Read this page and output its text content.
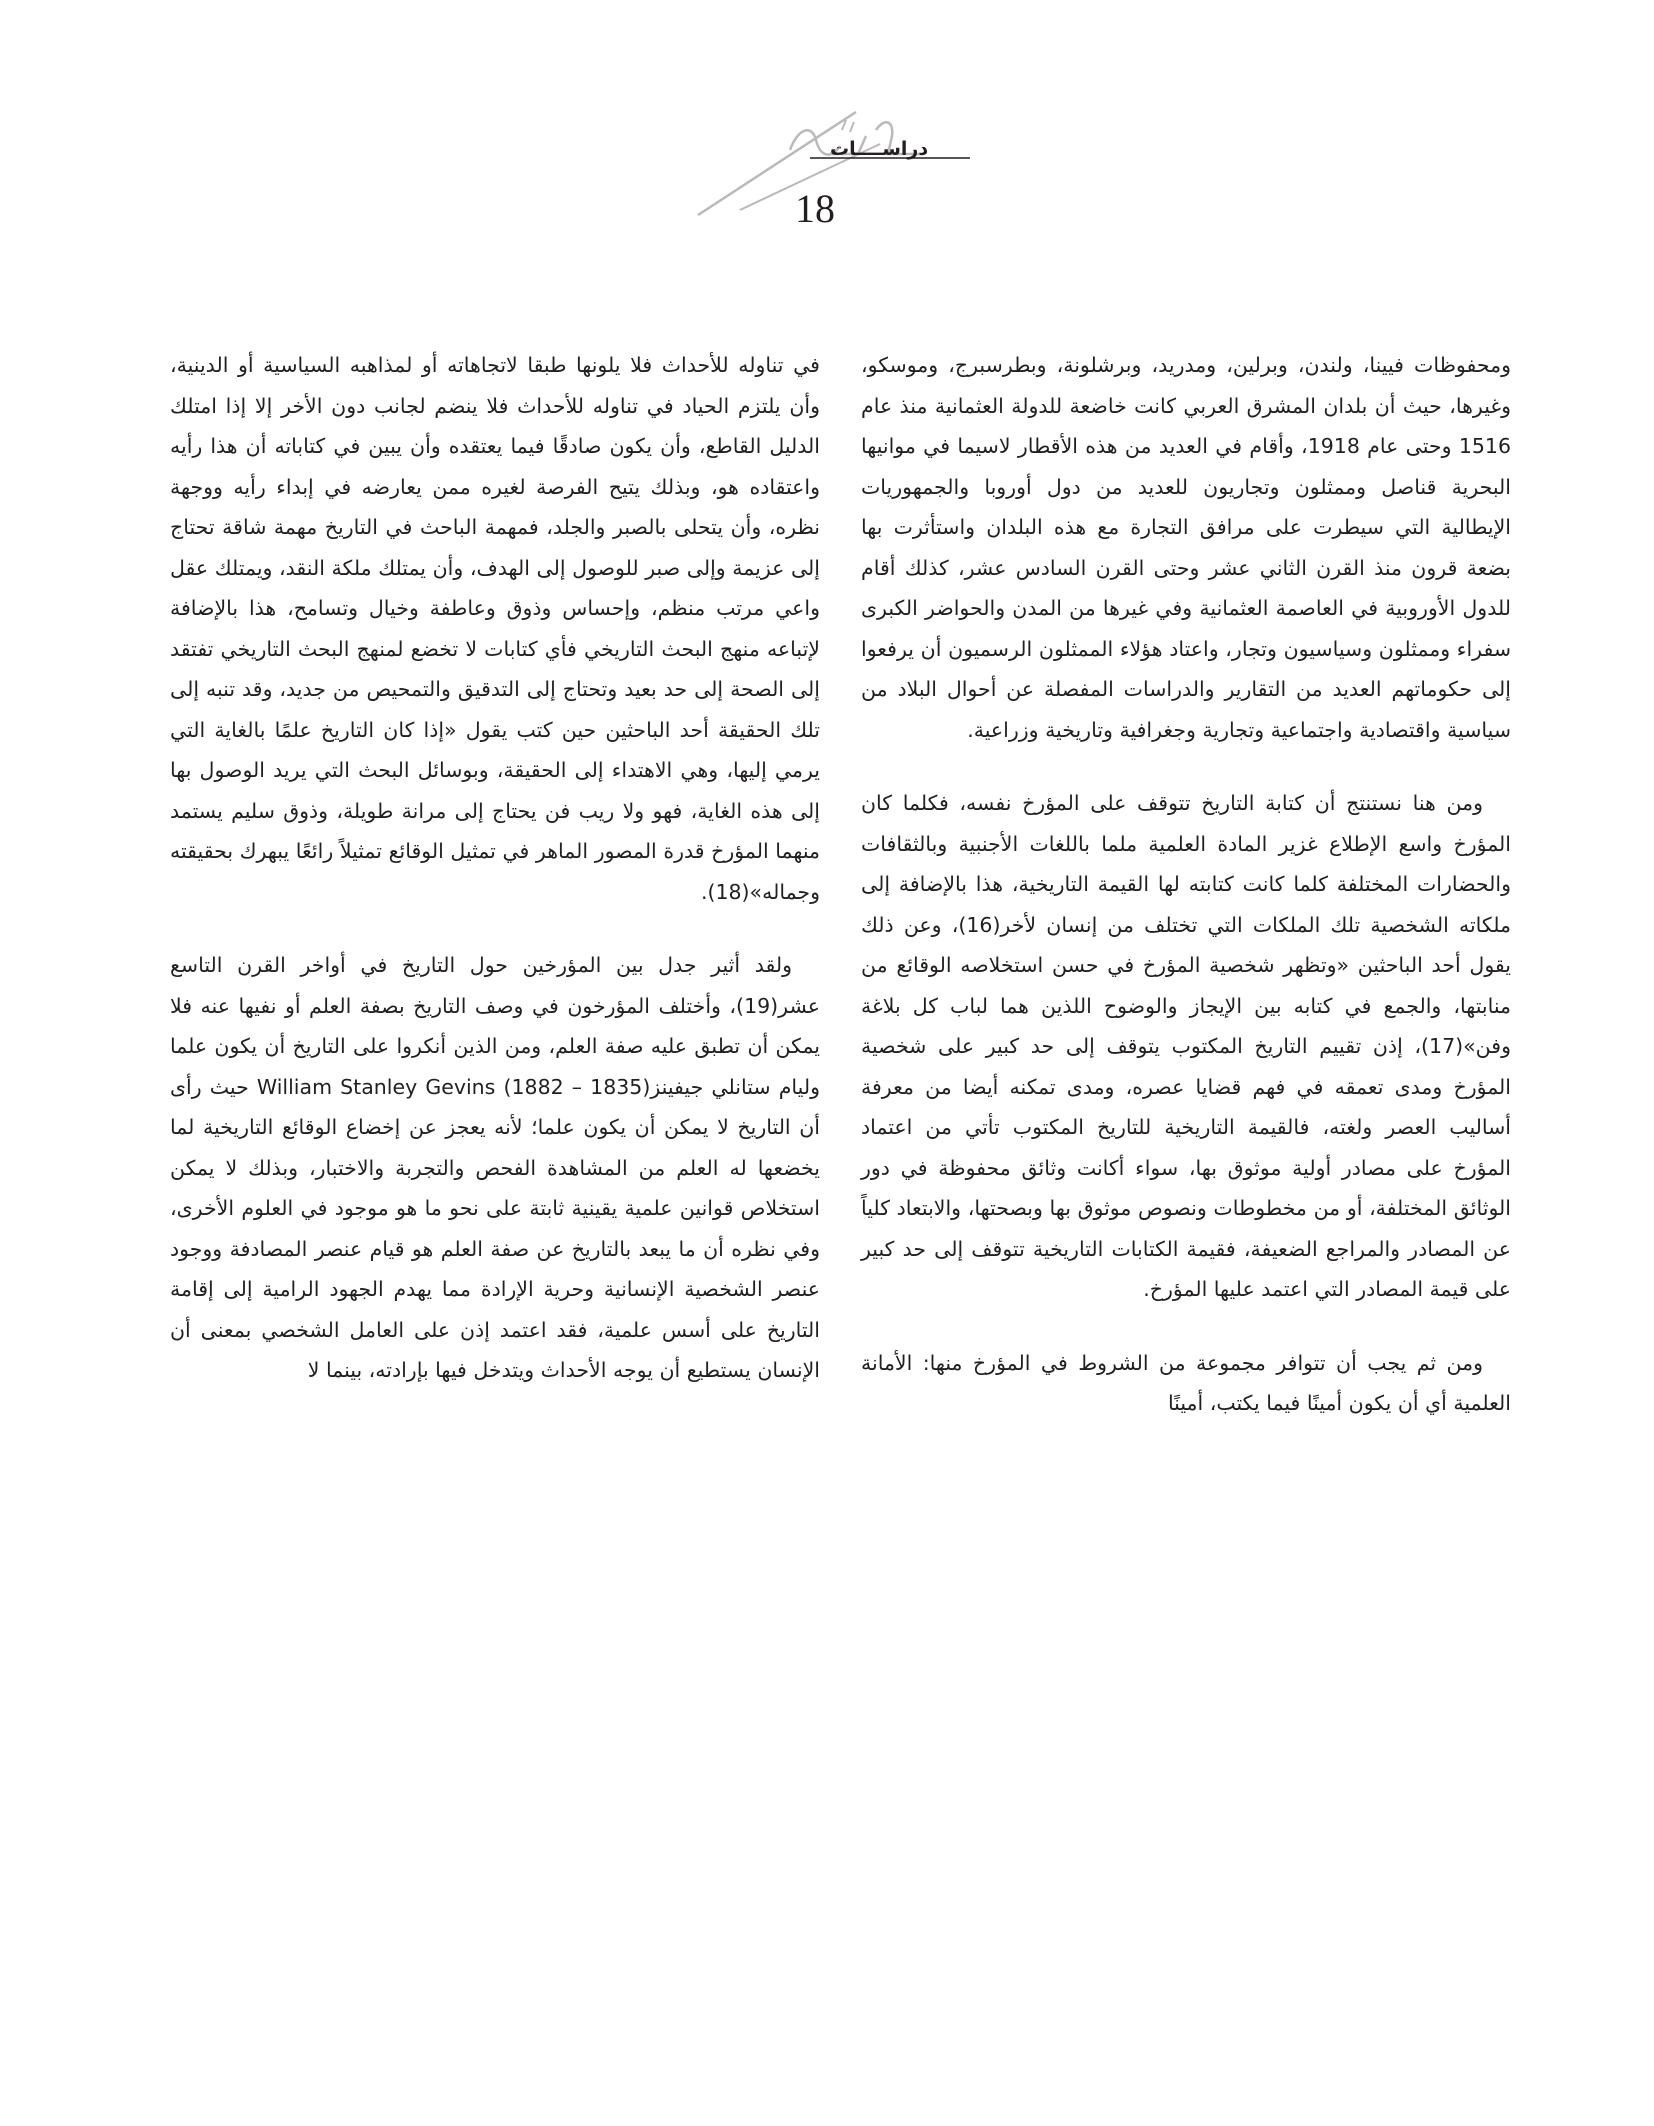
دراســــات
18

ومحفوظات فيينا، ولندن، وبرلين، ومدريد، وبرشلونة، وبطرسبرج، وموسكو، وغيرها، حيث أن بلدان المشرق العربي كانت خاضعة للدولة العثمانية منذ عام 1516 وحتى عام 1918، وأقام في العديد من هذه الأقطار لاسيما في موانيها البحرية قناصل وممثلون وتجاريون للعديد من دول أوروبا والجمهوريات الإيطالية التي سيطرت على مرافق التجارة مع هذه البلدان واستأثرت بها بضعة قرون منذ القرن الثاني عشر وحتى القرن السادس عشر، كذلك أقام للدول الأوروبية في العاصمة العثمانية وفي غيرها من المدن والحواضر الكبرى سفراء وممثلون وسياسيون وتجار، واعتاد هؤلاء الممثلون الرسميون أن يرفعوا إلى حكوماتهم العديد من التقارير والدراسات المفصلة عن أحوال البلاد من سياسية واقتصادية واجتماعية وتجارية وجغرافية وتاريخية وزراعية.

ومن هنا نستنتج أن كتابة التاريخ تتوقف على المؤرخ نفسه، فكلما كان المؤرخ واسع الإطلاع غزير المادة العلمية ملما باللغات الأجنبية وبالثقافات والحضارات المختلفة كلما كانت كتابته لها القيمة التاريخية، هذا بالإضافة إلى ملكاته الشخصية تلك الملكات التي تختلف من إنسان لأخر(16)، وعن ذلك يقول أحد الباحثين «وتظهر شخصية المؤرخ في حسن استخلاصه الوقائع من منابتها، والجمع في كتابه بين الإيجاز والوضوح اللذين هما لباب كل بلاغة وفن»(17)، إذن تقييم التاريخ المكتوب يتوقف إلى حد كبير على شخصية المؤرخ ومدى تعمقه في فهم قضايا عصره، ومدى تمكنه أيضا من معرفة أساليب العصر ولغته، فالقيمة التاريخية للتاريخ المكتوب تأتي من اعتماد المؤرخ على مصادر أولية موثوق بها، سواء أكانت وثائق محفوظة في دور الوثائق المختلفة، أو من مخطوطات ونصوص موثوق بها وبصحتها، والابتعاد كلياً عن المصادر والمراجع الضعيفة، فقيمة الكتابات التاريخية تتوقف إلى حد كبير على قيمة المصادر التي اعتمد عليها المؤرخ.

ومن ثم يجب أن تتوافر مجموعة من الشروط في المؤرخ منها: الأمانة العلمية أي أن يكون أمينًا فيما يكتب، أمينًا

في تناوله للأحداث فلا يلونها طبقا لاتجاهاته أو لمذاهبه السياسية أو الدينية، وأن يلتزم الحياد في تناوله للأحداث فلا ينضم لجانب دون الأخر إلا إذا امتلك الدليل القاطع، وأن يكون صادقًا فيما يعتقده وأن يبين في كتاباته أن هذا رأيه واعتقاده هو، وبذلك يتيح الفرصة لغيره ممن يعارضه في إبداء رأيه ووجهة نظره، وأن يتحلى بالصبر والجلد، فمهمة الباحث في التاريخ مهمة شاقة تحتاج إلى عزيمة وإلى صبر للوصول إلى الهدف، وأن يمتلك ملكة النقد، ويمتلك عقل واعي مرتب منظم، وإحساس وذوق وعاطفة وخيال وتسامح، هذا بالإضافة لإتباعه منهج البحث التاريخي فأي كتابات لا تخضع لمنهج البحث التاريخي تفتقد إلى الصحة إلى حد بعيد وتحتاج إلى التدقيق والتمحيص من جديد، وقد تنبه إلى تلك الحقيقة أحد الباحثين حين كتب يقول «إذا كان التاريخ علمًا بالغاية التي يرمي إليها، وهي الاهتداء إلى الحقيقة، وبوسائل البحث التي يريد الوصول بها إلى هذه الغاية، فهو ولا ريب فن يحتاج إلى مرانة طويلة، وذوق سليم يستمد منهما المؤرخ قدرة المصور الماهر في تمثيل الوقائع تمثيلاً رائعًا يبهرك بحقيقته وجماله»(18).

ولقد أثير جدل بين المؤرخين حول التاريخ في أواخر القرن التاسع عشر(19)، وأختلف المؤرخون في وصف التاريخ بصفة العلم أو نفيها عنه فلا يمكن أن تطبق عليه صفة العلم، ومن الذين أنكروا على التاريخ أن يكون علما وليام ستانلي جيفينز(1835 – 1882) William Stanley Gevins حيث رأى أن التاريخ لا يمكن أن يكون علما؛ لأنه يعجز عن إخضاع الوقائع التاريخية لما يخضعها له العلم من المشاهدة الفحص والتجربة والاختبار، وبذلك لا يمكن استخلاص قوانين علمية يقينية ثابتة على نحو ما هو موجود في العلوم الأخرى، وفي نظره أن ما يبعد بالتاريخ عن صفة العلم هو قيام عنصر المصادفة ووجود عنصر الشخصية الإنسانية وحرية الإرادة مما يهدم الجهود الرامية إلى إقامة التاريخ على أسس علمية، فقد اعتمد إذن على العامل الشخصي بمعنى أن الإنسان يستطيع أن يوجه الأحداث ويتدخل فيها بإرادته، بينما لا
